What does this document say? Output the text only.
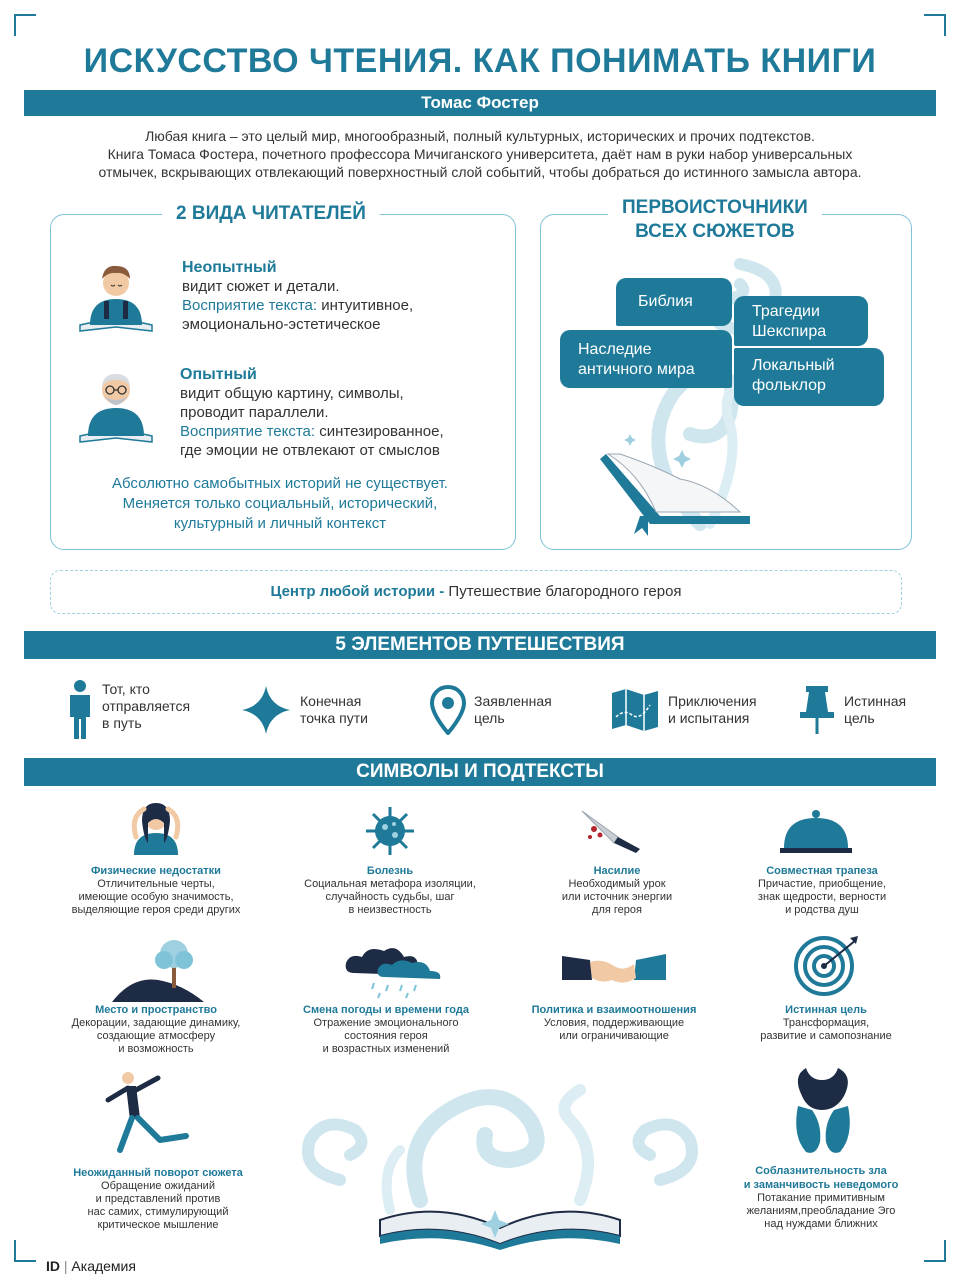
ИСКУССТВО ЧТЕНИЯ. КАК ПОНИМАТЬ КНИГИ
Томас Фостер
Любая книга – это целый мир, многообразный, полный культурных, исторических и прочих подтекстов.
Книга Томаса Фостера, почетного профессора Мичиганского университета, даёт нам в руки набор универсальных
отмычек, вскрывающих отвлекающий поверхностный слой событий, чтобы добраться до истинного замысла автора.
2 ВИДА ЧИТАТЕЛЕЙ
Неопытный
видит сюжет и детали.
Восприятие текста: интуитивное,
эмоционально-эстетическое
Опытный
видит общую картину, символы,
проводит параллели.
Восприятие текста: синтезированное,
где эмоции не отвлекают от смыслов
Абсолютно самобытных историй не существует.
Меняется только социальный, исторический,
культурный и личный контекст
ПЕРВОИСТОЧНИКИ
ВСЕХ СЮЖЕТОВ
Библия
Трагедии
Шекспира
Наследие
античного мира	Локальный
фольклор
Центр любой истории - Путешествие благородного героя
5 ЭЛЕМЕНТОВ ПУТЕШЕСТВИЯ
Тот, кто
отправляется
в путь
Конечная
точка пути
Заявленная
цель
Приключения
и испытания
Истинная
цель
СИМВОЛЫ И ПОДТЕКСТЫ
Физические недостатки
Отличительные черты,
имеющие особую значимость,
выделяющие героя среди других
Болезнь
Социальная метафора изоляции,
случайность судьбы, шаг
в неизвестность
Насилие
Необходимый урок
или источник энергии
для героя
Совместная трапеза
Причастие, приобщение,
знак щедрости, верности
и родства душ
Место и пространство
Декорации, задающие динамику,
создающие атмосферу
и возможность
Смена погоды и времени года
Отражение эмоционального
состояния героя
и возрастных изменений
Политика и взаимоотношения
Условия, поддерживающие
или ограничивающие
Истинная цель
Трансформация,
развитие и самопознание
Неожиданный поворот сюжета
Обращение ожиданий
и представлений против
нас самих, стимулирующий
критическое мышление
Соблазнительность зла
и заманчивость неведомого
Потакание примитивным
желаниям,преобладание Эго
над нуждами ближних
ID | Академия
